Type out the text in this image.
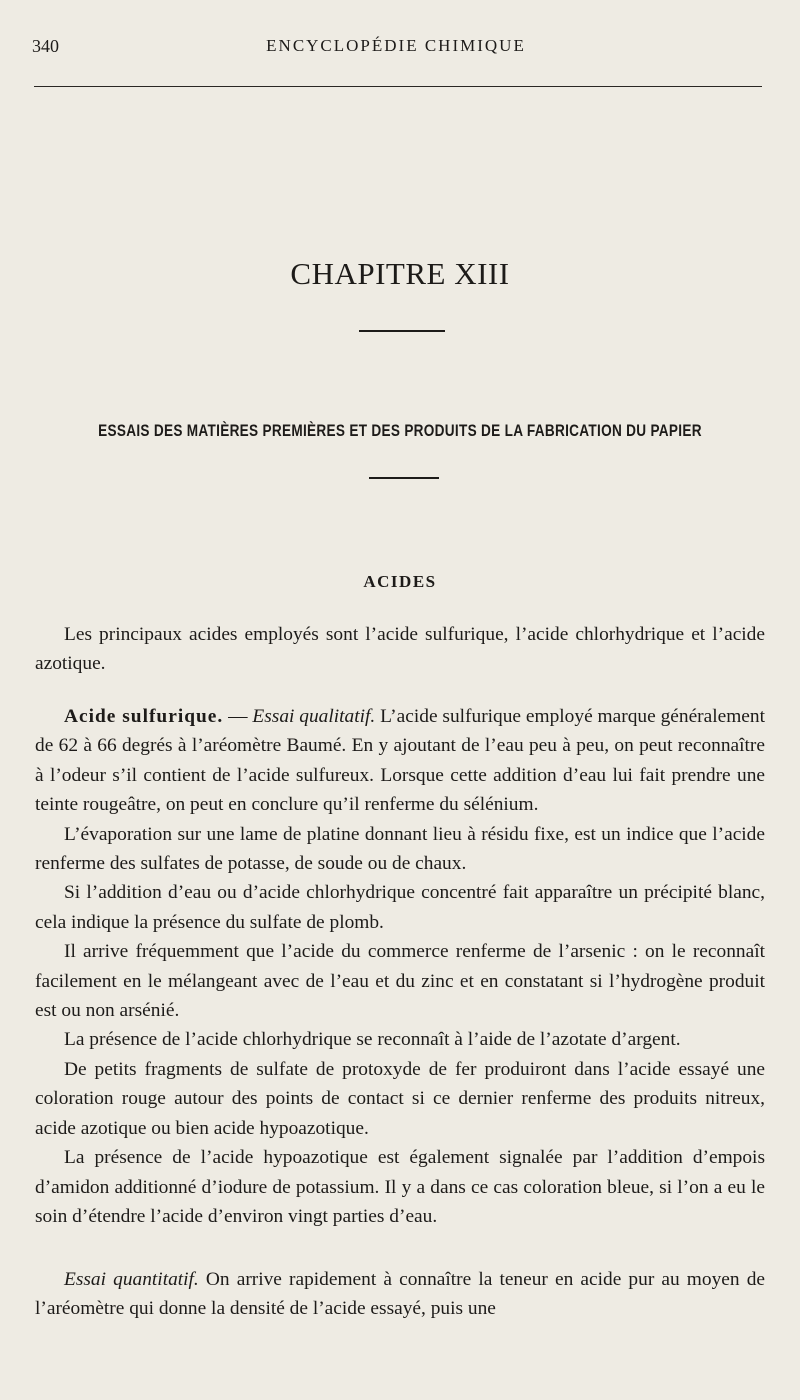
340	ENCYCLOPÉDIE CHIMIQUE
CHAPITRE XIII
ESSAIS DES MATIÈRES PREMIÈRES ET DES PRODUITS DE LA FABRICATION DU PAPIER
ACIDES

Les principaux acides employés sont l’acide sulfurique, l’acide chlorhydrique et l’acide azotique.

Acide sulfurique. — Essai qualitatif. L’acide sulfurique employé marque généralement de 62 à 66 degrés à l’aréomètre Baumé. En y ajoutant de l’eau peu à peu, on peut reconnaître à l’odeur s’il contient de l’acide sulfureux. Lorsque cette addition d’eau lui fait prendre une teinte rougeâtre, on peut en conclure qu’il renferme du sélénium.

L’évaporation sur une lame de platine donnant lieu à résidu fixe, est un indice que l’acide renferme des sulfates de potasse, de soude ou de chaux.

Si l’addition d’eau ou d’acide chlorhydrique concentré fait apparaître un précipité blanc, cela indique la présence du sulfate de plomb.

Il arrive fréquemment que l’acide du commerce renferme de l’arsenic : on le reconnaît facilement en le mélangeant avec de l’eau et du zinc et en constatant si l’hydrogène produit est ou non arsénié.

La présence de l’acide chlorhydrique se reconnaît à l’aide de l’azotate d’argent.

De petits fragments de sulfate de protoxyde de fer produiront dans l’acide essayé une coloration rouge autour des points de contact si ce dernier renferme des produits nitreux, acide azotique ou bien acide hypoazotique.

La présence de l’acide hypoazotique est également signalée par l’addition d’empois d’amidon additionné d’iodure de potassium. Il y a dans ce cas coloration bleue, si l’on a eu le soin d’étendre l’acide d’environ vingt parties d’eau.

Essai quantitatif. On arrive rapidement à connaître la teneur en acide pur au moyen de l’aréomètre qui donne la densité de l’acide essayé, puis une
